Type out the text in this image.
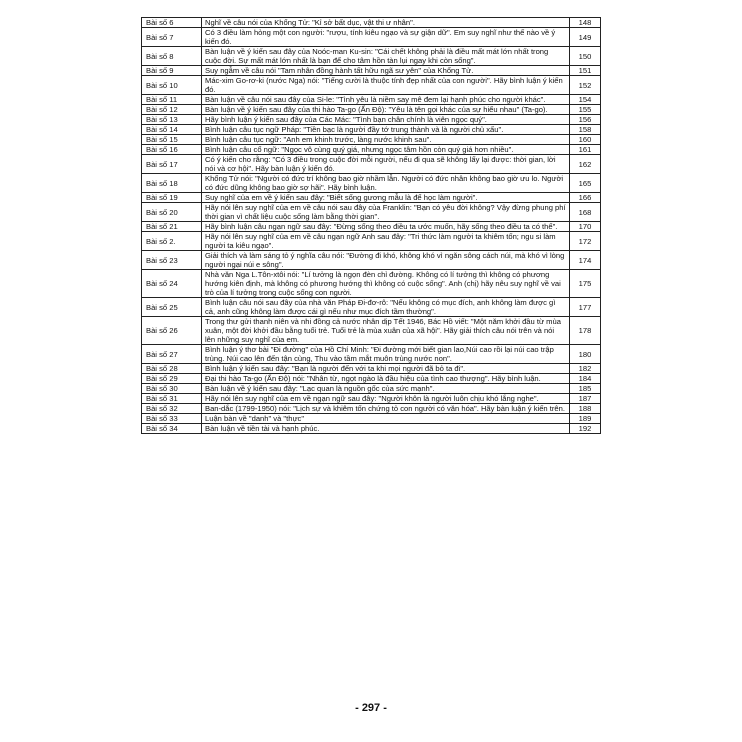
Bài số 6	Nghĩ về câu nói của Khổng Tử: "Kỉ sở bất dục, vật thi ư nhân".	148
Bài số 7	Có 3 điều làm hỏng một con người: "rượu, tính kiêu ngạo và sự giận dữ". Em suy nghĩ như thế nào về ý kiến đó.	149
Bài số 8	Bàn luận về ý kiến sau đây của Noóc-man Ku-sin: "Cái chết không phải là điều mất mát lớn nhất trong cuộc đời. Sự mất mát lớn nhất là bạn để cho tâm hồn tàn lụi ngay khi còn sống".	150
Bài số 9	Suy ngẫm về câu nói "Tam nhân đồng hành tất hữu ngã sư yên" của Khổng Tử.	151
Bài số 10	Mác-xim Go-rơ-ki (nước Nga) nói: "Tiếng cười là thuộc tính đẹp nhất của con người". Hãy bình luận ý kiến đó.	152
Bài số 11	Bàn luận về câu nói sau đây của Si-le: "Tình yêu là niềm say mê đem lại hạnh phúc cho người khác".	154
Bài số 12	Bàn luận về ý kiến sau đây của thi hào Ta-go (Ấn Độ): "Yêu là tên gọi khác của sự hiểu nhau" (Ta-go).	155
Bài số 13	Hãy bình luận ý kiến sau đây của Các Mác: "Tình bạn chân chính là viên ngọc quý".	156
Bài số 14	Bình luận câu tục ngữ Pháp: "Tiền bạc là người đầy tớ trung thành và là người chủ xấu".	158
Bài số 15	Bình luận câu tục ngữ: "Anh em khinh trước, làng nước khinh sau".	160
Bài số 16	Bình luận câu cổ ngữ: "Ngọc vô cùng quý giá, nhưng ngọc tâm hồn còn quý giá hơn nhiều".	161
Bài số 17	Có ý kiến cho rằng: "Có 3 điều trong cuộc đời mỗi người, nếu đi qua sẽ không lấy lại được: thời gian, lời nói và cơ hội". Hãy bàn luận ý kiến đó.	162
Bài số 18	Khổng Tử nói: "Người có đức trí không bao giờ nhầm lẫn. Người có đức nhân không bao giờ ưu lo. Người có đức dũng không bao giờ sợ hãi". Hãy bình luận.	165
Bài số 19	Suy nghĩ của em về ý kiến sau đây: "Biết sống gương mẫu là để học làm người".	166
Bài số 20	Hãy nói lên suy nghĩ của em về câu nói sau đây của Franklin: "Bạn có yêu đời không? Vậy đừng phung phí thời gian vì chất liệu cuộc sống làm bằng thời gian".	168
Bài số 21	Hãy bình luận câu ngạn ngữ sau đây: "Đừng sống theo điều ta ước muốn, hãy sống theo điều ta có thể".	170
Bài số 2.	Hãy nói lên suy nghĩ của em về câu ngạn ngữ Anh sau đây: "Tri thức làm người ta khiêm tốn; ngu si làm người ta kiêu ngạo".	172
Bài số 23	Giải thích và làm sáng tỏ ý nghĩa câu nói: "Đường đi khó, không khó vì ngăn sông cách núi, mà khó vì lòng người ngại núi e sông".	174
Bài số 24	Nhà văn Nga L.Tôn-xtôi nói: "Lí tưởng là ngọn đèn chỉ đường. Không có lí tưởng thì không có phương hướng kiên định, mà không có phương hướng thì không có cuộc sống". Anh (chị) hãy nêu suy nghĩ về vai trò của lí tưởng trong cuộc sống con người.	175
Bài số 25	Bình luận câu nói sau đây của nhà văn Pháp Đi-đơ-rô: "Nếu không có mục đích, anh không làm được gì cả, anh cũng không làm được cái gì nếu như mục đích tầm thường".	177
Bài số 26	Trong thư gửi thanh niên và nhi đồng cả nước nhân dịp Tết 1946, Bác Hồ viết: "Một năm khởi đầu từ mùa xuân, một đời khởi đầu bằng tuổi trẻ. Tuổi trẻ là mùa xuân của xã hội". Hãy giải thích câu nói trên và nói lên những suy nghĩ của em.	178
Bài số 27	Bình luận ý thơ bài "Đi đường" của Hồ Chí Minh: "Đi đường mới biết gian lao,Núi cao rồi lại núi cao trập trùng. Núi cao lên đến tận cùng, Thu vào tầm mắt muôn trùng nước non".	180
Bài số 28	Bình luận ý kiến sau đây: "Bạn là người đến với ta khi mọi người đã bỏ ta đi".	182
Bài số 29	Đại thi hào Ta-go (Ấn Độ) nói: "Nhân từ, ngọt ngào là đầu hiệu của tình cao thượng". Hãy bình luận.	184
Bài số 30	Bàn luận về ý kiến sau đây: "Lạc quan là nguồn gốc của sức mạnh".	185
Bài số 31	Hãy nói lên suy nghĩ của em về ngạn ngữ sau đây: "Người khôn là người luôn chịu khó lắng nghe".	187
Bài số 32	Ban-dắc (1799-1950) nói: "Lịch sự và khiêm tốn chứng tỏ con người có văn hóa". Hãy bàn luận ý kiến trên.	188
Bài số 33	Luận bàn về "danh" và "thực"	189
Bài số 34	Bàn luận về tiền tài và hạnh phúc.	192
- 297 -
